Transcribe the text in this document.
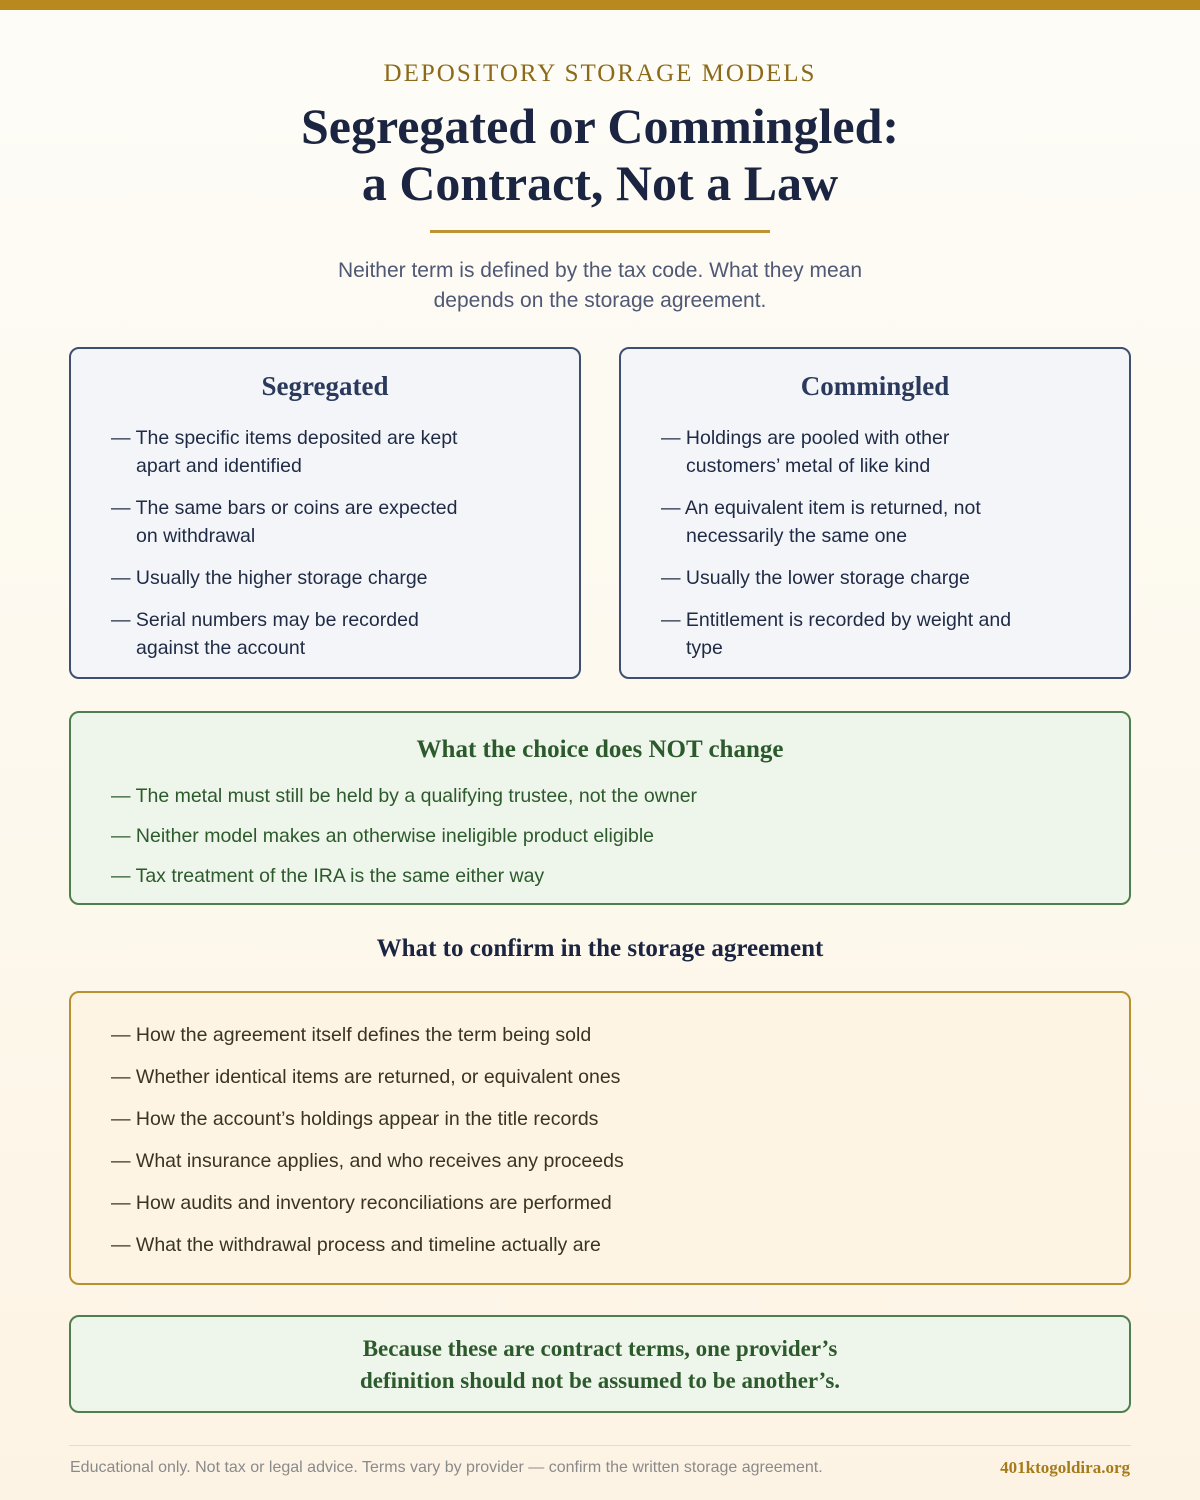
DEPOSITORY STORAGE MODELS
Segregated or Commingled:
a Contract, Not a Law

Neither term is defined by the tax code. What they mean
depends on the storage agreement.

Segregated
— The specific items deposited are kept apart and identified
— The same bars or coins are expected on withdrawal
— Usually the higher storage charge
— Serial numbers may be recorded against the account
Commingled
— Holdings are pooled with other customers’ metal of like kind
— An equivalent item is returned, not necessarily the same one
— Usually the lower storage charge
— Entitlement is recorded by weight and type
What the choice does NOT change
— The metal must still be held by a qualifying trustee, not the owner
— Neither model makes an otherwise ineligible product eligible
— Tax treatment of the IRA is the same either way
What to confirm in the storage agreement
— How the agreement itself defines the term being sold
— Whether identical items are returned, or equivalent ones
— How the account’s holdings appear in the title records
— What insurance applies, and who receives any proceeds
— How audits and inventory reconciliations are performed
— What the withdrawal process and timeline actually are
Because these are contract terms, one provider’s
definition should not be assumed to be another’s.
Educational only. Not tax or legal advice. Terms vary by provider — confirm the written storage agreement.	401ktogoldira.org
